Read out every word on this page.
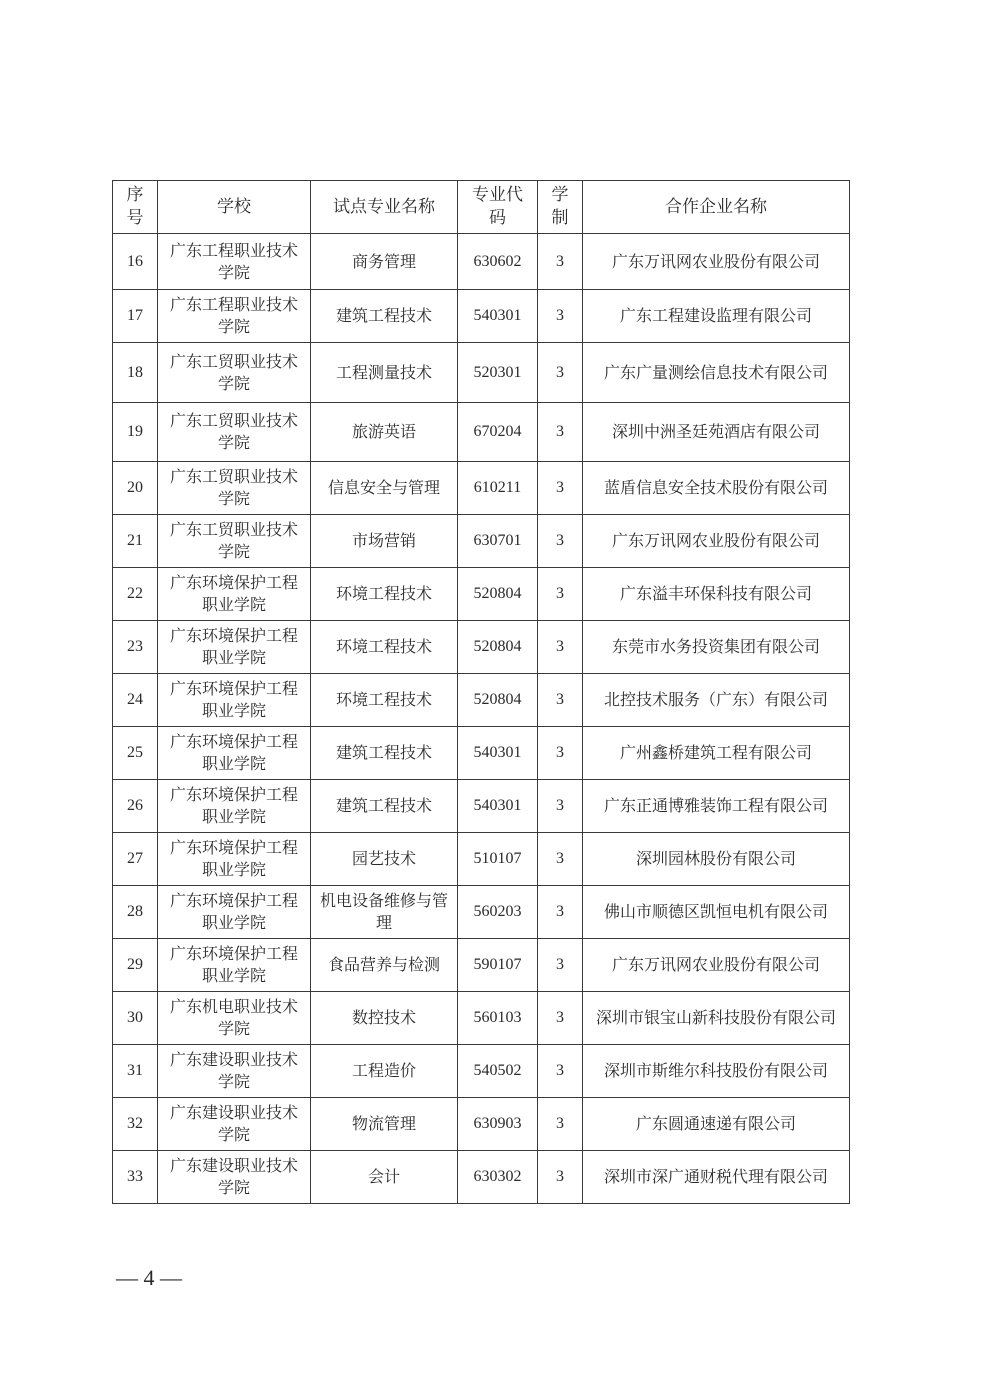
序号	学校	试点专业名称	专业代码	学制	合作企业名称
16	广东工程职业技术学院	商务管理	630602	3	广东万讯网农业股份有限公司
17	广东工程职业技术学院	建筑工程技术	540301	3	广东工程建设监理有限公司
18	广东工贸职业技术学院	工程测量技术	520301	3	广东广量测绘信息技术有限公司
19	广东工贸职业技术学院	旅游英语	670204	3	深圳中洲圣廷苑酒店有限公司
20	广东工贸职业技术学院	信息安全与管理	610211	3	蓝盾信息安全技术股份有限公司
21	广东工贸职业技术学院	市场营销	630701	3	广东万讯网农业股份有限公司
22	广东环境保护工程职业学院	环境工程技术	520804	3	广东溢丰环保科技有限公司
23	广东环境保护工程职业学院	环境工程技术	520804	3	东莞市水务投资集团有限公司
24	广东环境保护工程职业学院	环境工程技术	520804	3	北控技术服务（广东）有限公司
25	广东环境保护工程职业学院	建筑工程技术	540301	3	广州鑫桥建筑工程有限公司
26	广东环境保护工程职业学院	建筑工程技术	540301	3	广东正通博雅装饰工程有限公司
27	广东环境保护工程职业学院	园艺技术	510107	3	深圳园林股份有限公司
28	广东环境保护工程职业学院	机电设备维修与管理	560203	3	佛山市顺德区凯恒电机有限公司
29	广东环境保护工程职业学院	食品营养与检测	590107	3	广东万讯网农业股份有限公司
30	广东机电职业技术学院	数控技术	560103	3	深圳市银宝山新科技股份有限公司
31	广东建设职业技术学院	工程造价	540502	3	深圳市斯维尔科技股份有限公司
32	广东建设职业技术学院	物流管理	630903	3	广东圆通速递有限公司
33	广东建设职业技术学院	会计	630302	3	深圳市深广通财税代理有限公司
— 4 —
